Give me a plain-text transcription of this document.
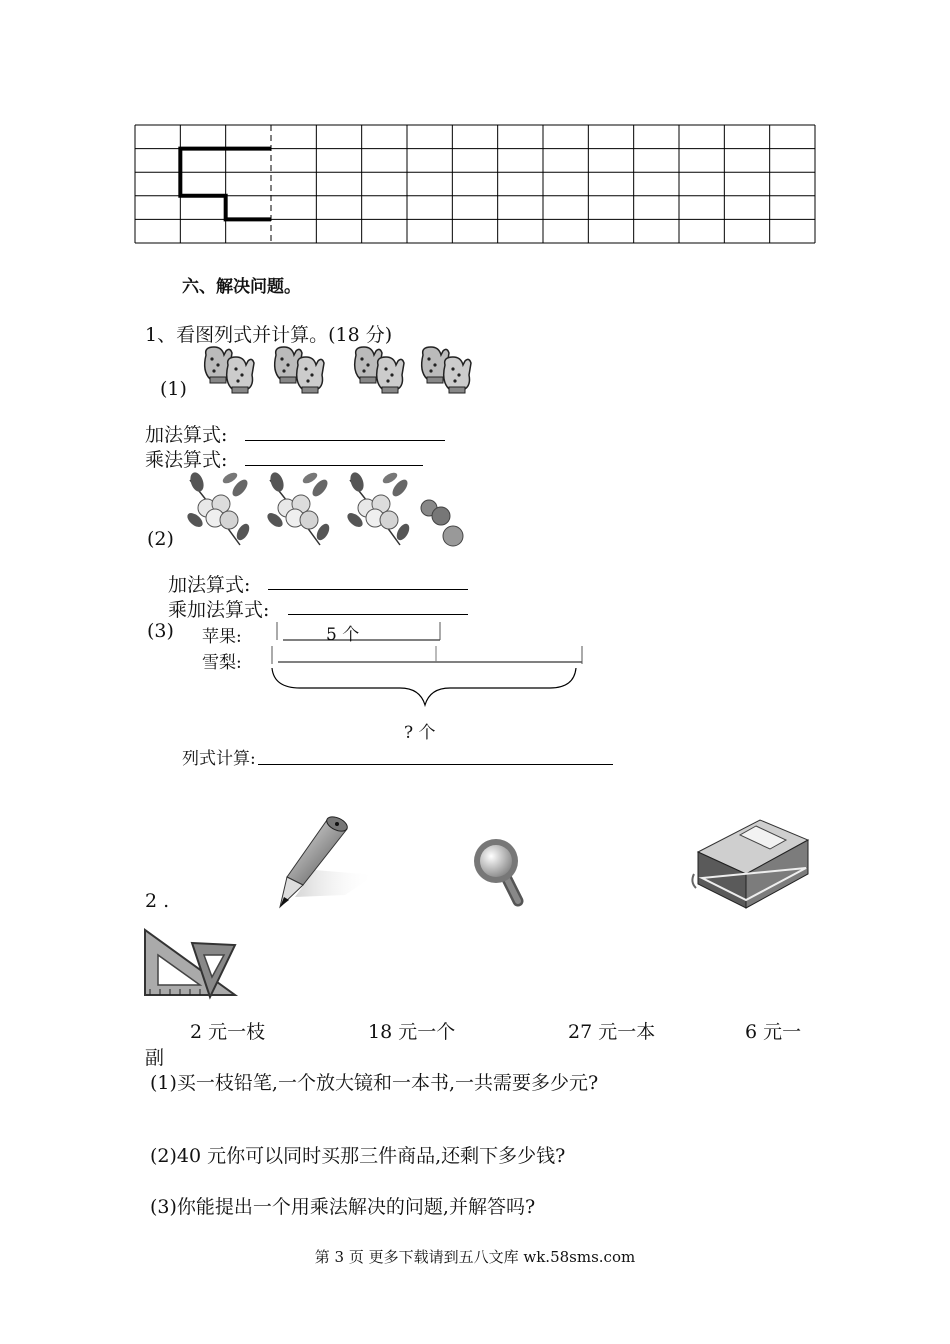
六、解决问题。
1、看图列式并计算。(18 分)
(1)
加法算式:
乘法算式:
(2)
加法算式:
乘加法算式:
(3) 苹果:	5 个
雪梨:
? 个
列式计算:
2 .
2 元一枝	18 元一个	27 元一本	6 元一
副
(1)买一枝铅笔,一个放大镜和一本书,一共需要多少元?
(2)40 元你可以同时买那三件商品,还剩下多少钱?
(3)你能提出一个用乘法解决的问题,并解答吗?
第 3 页 更多下载请到五八文库 wk.58sms.com
